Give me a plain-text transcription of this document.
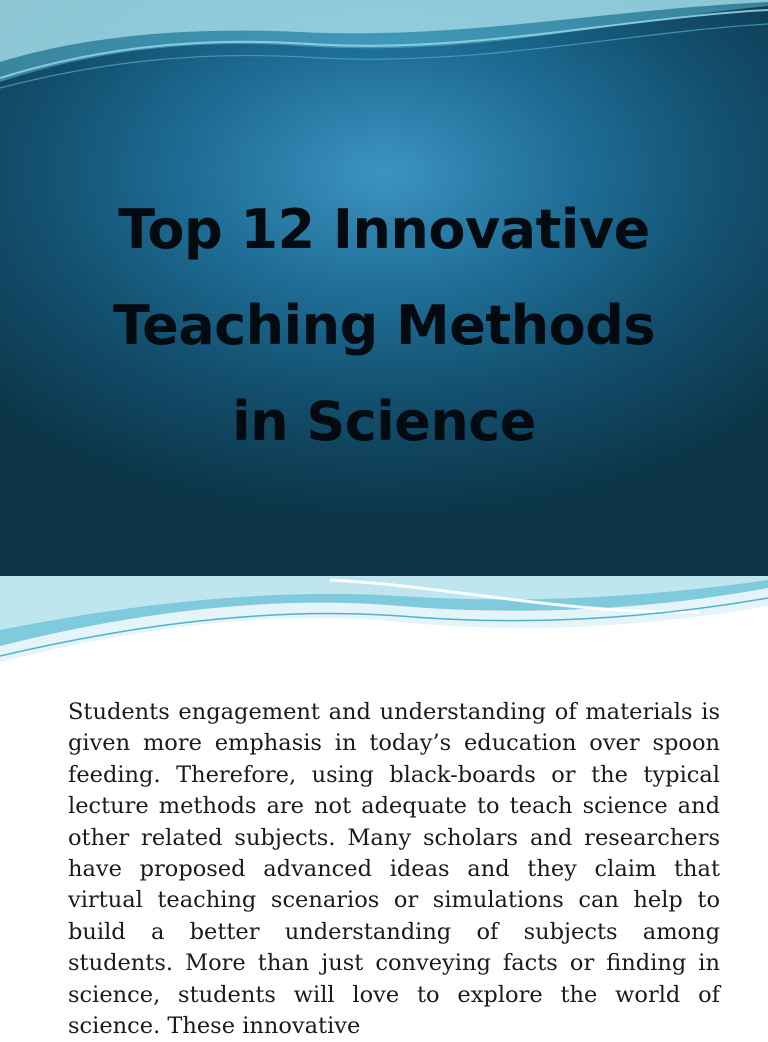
Top 12 Innovative
Teaching Methods
in Science

Students engagement and understanding of materials is given more emphasis in today’s education over spoon feeding. Therefore, using black-boards or the typical lecture methods are not adequate to teach science and other related subjects. Many scholars and researchers have proposed advanced ideas and they claim that virtual teaching scenarios or simulations can help to build a better understanding of subjects among students. More than just conveying facts or finding in science, students will love to explore the world of science. These innovative
